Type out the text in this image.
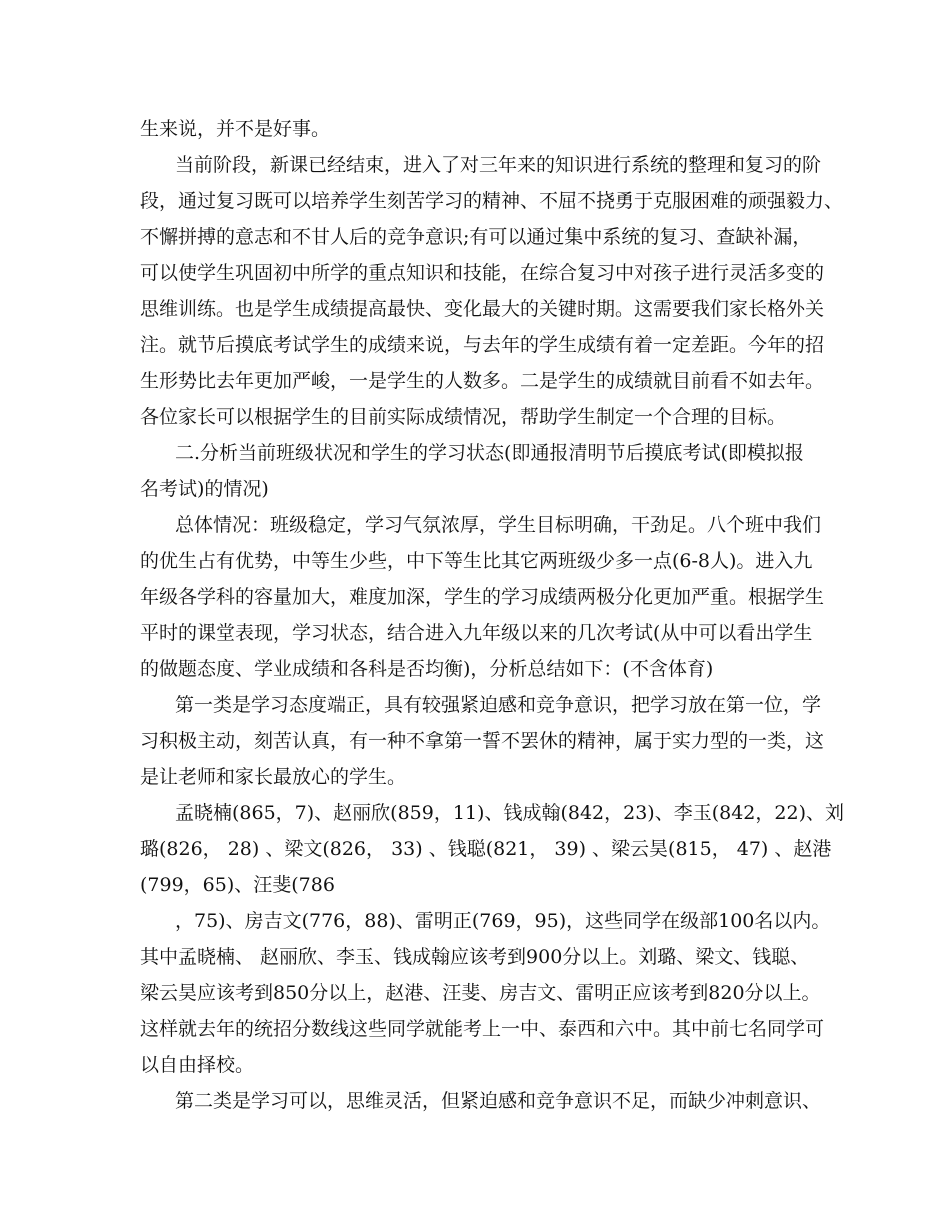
生来说，并不是好事。
当前阶段，新课已经结束，进入了对三年来的知识进行系统的整理和复习的阶
段，通过复习既可以培养学生刻苦学习的精神、不屈不挠勇于克服困难的顽强毅力、
不懈拼搏的意志和不甘人后的竞争意识;有可以通过集中系统的复习、查缺补漏，
可以使学生巩固初中所学的重点知识和技能，在综合复习中对孩子进行灵活多变的
思维训练。也是学生成绩提高最快、变化最大的关键时期。这需要我们家长格外关
注。就节后摸底考试学生的成绩来说，与去年的学生成绩有着一定差距。今年的招
生形势比去年更加严峻，一是学生的人数多。二是学生的成绩就目前看不如去年。
各位家长可以根据学生的目前实际成绩情况，帮助学生制定一个合理的目标。
二.分析当前班级状况和学生的学习状态(即通报清明节后摸底考试(即模拟报
名考试)的情况)
总体情况：班级稳定，学习气氛浓厚，学生目标明确，干劲足。八个班中我们
的优生占有优势，中等生少些，中下等生比其它两班级少多一点(6-8人)。进入九
年级各学科的容量加大，难度加深，学生的学习成绩两极分化更加严重。根据学生
平时的课堂表现，学习状态，结合进入九年级以来的几次考试(从中可以看出学生
的做题态度、学业成绩和各科是否均衡)，分析总结如下：(不含体育)
第一类是学习态度端正，具有较强紧迫感和竞争意识，把学习放在第一位，学
习积极主动，刻苦认真，有一种不拿第一誓不罢休的精神，属于实力型的一类，这
是让老师和家长最放心的学生。
孟晓楠(865，7)、赵丽欣(859，11)、钱成翰(842，23)、李玉(842，22)、刘
璐(826， 28) 、梁文(826， 33) 、钱聪(821， 39) 、梁云昊(815， 47) 、赵港
(799，65)、汪斐(786
，75)、房吉文(776，88)、雷明正(769，95)，这些同学在级部100名以内。
其中孟晓楠、 赵丽欣、李玉、钱成翰应该考到900分以上。刘璐、梁文、钱聪、
梁云昊应该考到850分以上，赵港、汪斐、房吉文、雷明正应该考到820分以上。
这样就去年的统招分数线这些同学就能考上一中、泰西和六中。其中前七名同学可
以自由择校。
第二类是学习可以，思维灵活，但紧迫感和竞争意识不足，而缺少冲刺意识、
